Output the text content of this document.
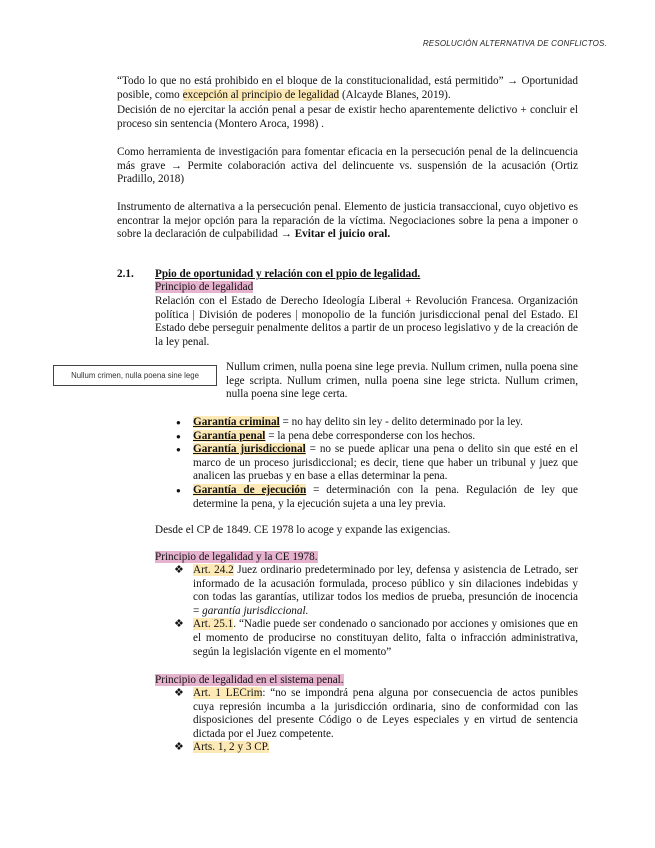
RESOLUCIÓN ALTERNATIVA DE CONFLICTOS.
“Todo lo que no está prohibido en el bloque de la constitucionalidad, está permitido” → Oportunidad posible, como excepción al principio de legalidad (Alcayde Blanes, 2019).
Decisión de no ejercitar la acción penal a pesar de existir hecho aparentemente delictivo + concluir el proceso sin sentencia (Montero Aroca, 1998) .
Como herramienta de investigación para fomentar eficacia en la persecución penal de la delincuencia más grave → Permite colaboración activa del delincuente vs. suspensión de la acusación (Ortiz Pradillo, 2018)
Instrumento de alternativa a la persecución penal. Elemento de justicia transaccional, cuyo objetivo es encontrar la mejor opción para la reparación de la víctima. Negociaciones sobre la pena a imponer o sobre la declaración de culpabilidad → Evitar el juicio oral.
2.1. Ppio de oportunidad y relación con el ppio de legalidad.
Principio de legalidad
Relación con el Estado de Derecho Ideología Liberal + Revolución Francesa. Organización política | División de poderes | monopolio de la función jurisdiccional penal del Estado. El Estado debe perseguir penalmente delitos a partir de un proceso legislativo y de la creación de la ley penal.
Nullum crimen, nulla poena sine lege
Nullum crimen, nulla poena sine lege previa. Nullum crimen, nulla poena sine lege scripta. Nullum crimen, nulla poena sine lege stricta. Nullum crimen, nulla poena sine lege certa.
● Garantía criminal = no hay delito sin ley - delito determinado por la ley.
● Garantía penal = la pena debe corresponderse con los hechos.
● Garantía jurisdiccional = no se puede aplicar una pena o delito sin que esté en el marco de un proceso jurisdiccional; es decir, tiene que haber un tribunal y juez que analicen las pruebas y en base a ellas determinar la pena.
● Garantía de ejecución = determinación con la pena. Regulación de ley que determine la pena, y la ejecución sujeta a una ley previa.
Desde el CP de 1849. CE 1978 lo acoge y expande las exigencias.
Principio de legalidad y la CE 1978.
❖ Art. 24.2 Juez ordinario predeterminado por ley, defensa y asistencia de Letrado, ser informado de la acusación formulada, proceso público y sin dilaciones indebidas y con todas las garantías, utilizar todos los medios de prueba, presunción de inocencia = garantía jurisdiccional.
❖ Art. 25.1. “Nadie puede ser condenado o sancionado por acciones y omisiones que en el momento de producirse no constituyan delito, falta o infracción administrativa, según la legislación vigente en el momento”
Principio de legalidad en el sistema penal.
❖ Art. 1 LECrim: “no se impondrá pena alguna por consecuencia de actos punibles cuya represión incumba a la jurisdicción ordinaria, sino de conformidad con las disposiciones del presente Código o de Leyes especiales y en virtud de sentencia dictada por el Juez competente.
❖ Arts. 1, 2 y 3 CP.
